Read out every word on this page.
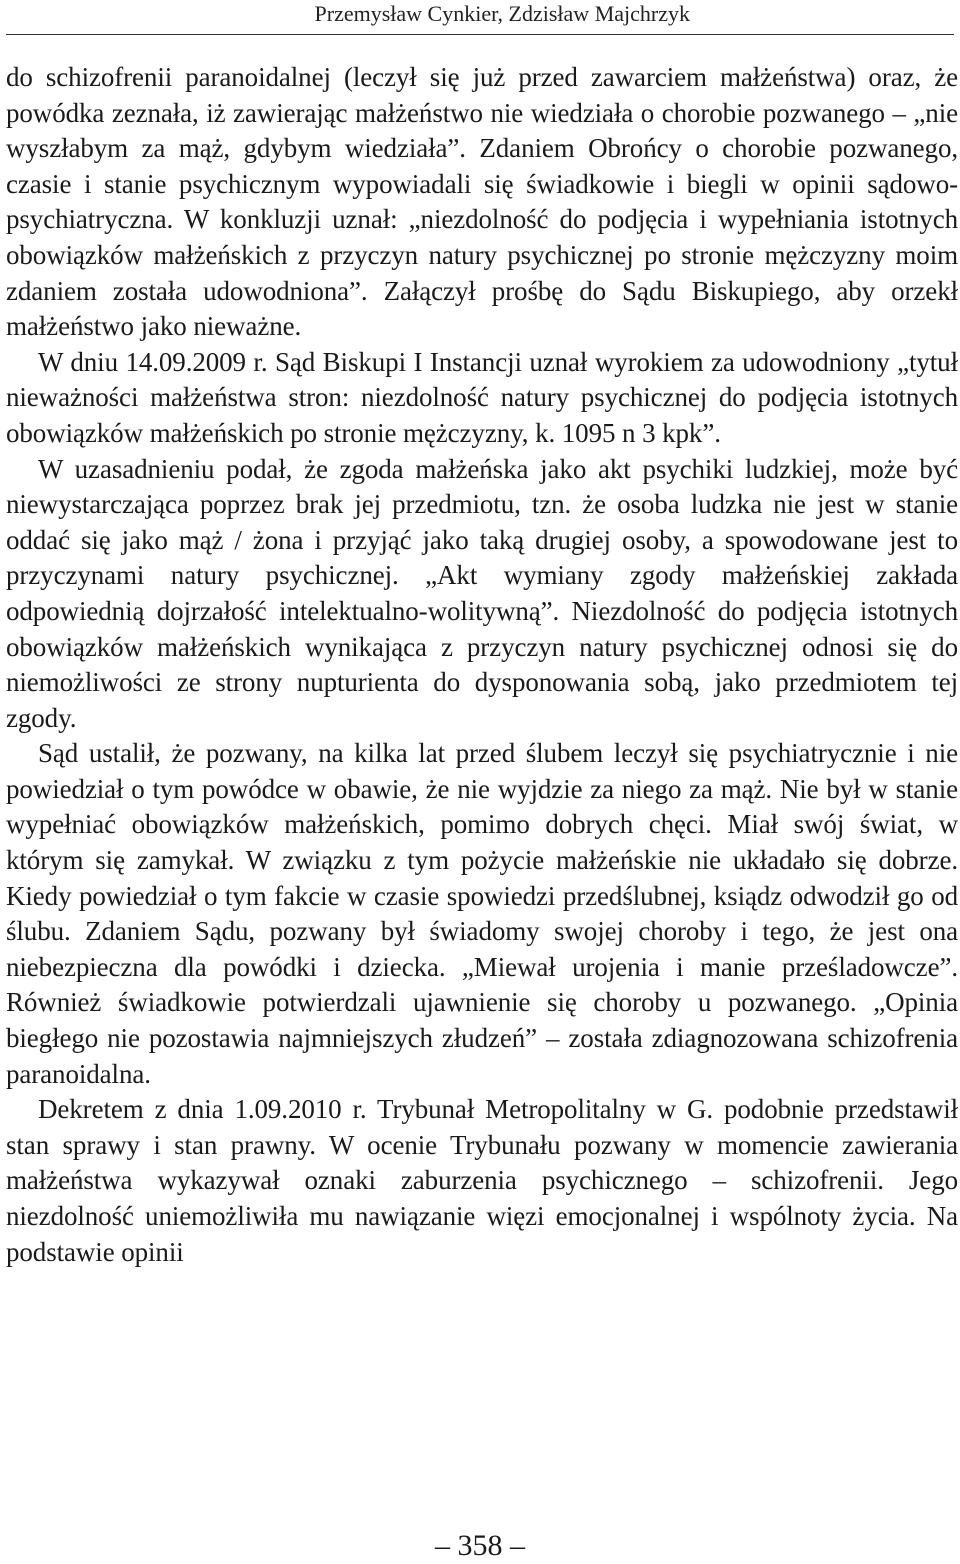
Przemysław Cynkier, Zdzisław Majchrzyk

do schizofrenii paranoidalnej (leczył się już przed zawarciem małżeństwa) oraz, że powódka zeznała, iż zawierając małżeństwo nie wiedziała o chorobie pozwanego – „nie wyszłabym za mąż, gdybym wiedziała”. Zdaniem Obrońcy o chorobie pozwanego, czasie i stanie psychicznym wypowiadali się świadkowie i biegli w opinii sądowo-psychiatryczna. W konkluzji uznał: „niezdolność do podjęcia i wypełniania istotnych obowiązków małżeńskich z przyczyn natury psychicznej po stronie mężczyzny moim zdaniem została udowodniona”. Załączył prośbę do Sądu Biskupiego, aby orzekł małżeństwo jako nieważne.

W dniu 14.09.2009 r. Sąd Biskupi I Instancji uznał wyrokiem za udowodniony „tytuł nieważności małżeństwa stron: niezdolność natury psychicznej do podjęcia istotnych obowiązków małżeńskich po stronie mężczyzny, k. 1095 n 3 kpk”.

W uzasadnieniu podał, że zgoda małżeńska jako akt psychiki ludzkiej, może być niewystarczająca poprzez brak jej przedmiotu, tzn. że osoba ludzka nie jest w stanie oddać się jako mąż / żona i przyjąć jako taką drugiej osoby, a spowodowane jest to przyczynami natury psychicznej. „Akt wymiany zgody małżeńskiej zakłada odpowiednią dojrzałość intelektualno-wolitywną”. Niezdolność do podjęcia istotnych obowiązków małżeńskich wynikająca z przyczyn natury psychicznej odnosi się do niemożliwości ze strony nupturienta do dysponowania sobą, jako przedmiotem tej zgody.

Sąd ustalił, że pozwany, na kilka lat przed ślubem leczył się psychiatrycznie i nie powiedział o tym powódce w obawie, że nie wyjdzie za niego za mąż. Nie był w stanie wypełniać obowiązków małżeńskich, pomimo dobrych chęci. Miał swój świat, w którym się zamykał. W związku z tym pożycie małżeńskie nie układało się dobrze. Kiedy powiedział o tym fakcie w czasie spowiedzi przedślubnej, ksiądz odwodził go od ślubu. Zdaniem Sądu, pozwany był świadomy swojej choroby i tego, że jest ona niebezpieczna dla powódki i dziecka. „Miewał urojenia i manie prześladowcze”. Również świadkowie potwierdzali ujawnienie się choroby u pozwanego. „Opinia biegłego nie pozostawia najmniejszych złudzeń” – została zdiagnozowana schizofrenia paranoidalna.

Dekretem z dnia 1.09.2010 r. Trybunał Metropolitalny w G. podobnie przedstawił stan sprawy i stan prawny. W ocenie Trybunału pozwany w momencie zawierania małżeństwa wykazywał oznaki zaburzenia psychicznego – schizofrenii. Jego niezdolność uniemożliwiła mu nawiązanie więzi emocjonalnej i wspólnoty życia. Na podstawie opinii

– 358 –
